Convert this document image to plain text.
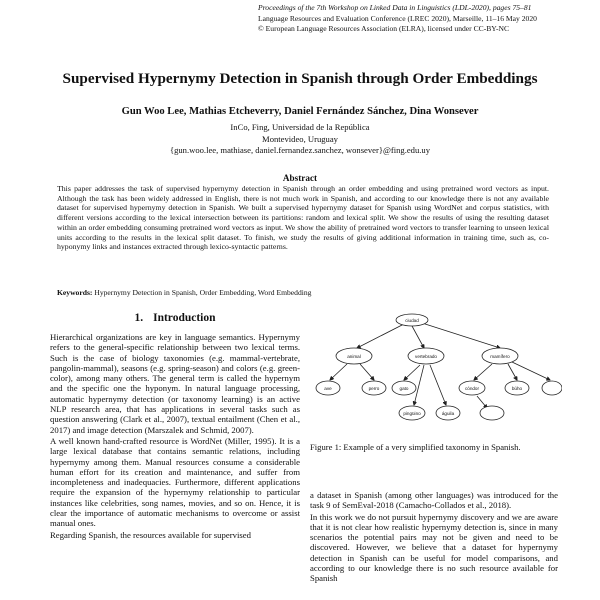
Proceedings of the 7th Workshop on Linked Data in Linguistics (LDL-2020), pages 75–81
Language Resources and Evaluation Conference (LREC 2020), Marseille, 11–16 May 2020
© European Language Resources Association (ELRA), licensed under CC-BY-NC
Supervised Hypernymy Detection in Spanish through Order Embeddings
Gun Woo Lee, Mathias Etcheverry, Daniel Fernández Sánchez, Dina Wonsever
InCo, Fing, Universidad de la República
Montevideo, Uruguay
{gun.woo.lee, mathiase, daniel.fernandez.sanchez, wonsever}@fing.edu.uy
Abstract
This paper addresses the task of supervised hypernymy detection in Spanish through an order embedding and using pretrained word vectors as input. Although the task has been widely addressed in English, there is not much work in Spanish, and according to our knowledge there is not any available dataset for supervised hypernymy detection in Spanish. We built a supervised hypernymy dataset for Spanish using WordNet and corpus statistics, with different versions according to the lexical intersection between its partitions: random and lexical split. We show the results of using the resulting dataset within an order embedding consuming pretrained word vectors as input. We show the ability of pretrained word vectors to transfer learning to unseen lexical units according to the results in the lexical split dataset. To finish, we study the results of giving additional information in training time, such as, co-hyponymy links and instances extracted through lexico-syntactic patterns.
Keywords: Hypernymy Detection in Spanish, Order Embedding, Word Embedding
1. Introduction

Hierarchical organizations are key in language semantics. Hypernymy refers to the general-specific relationship between two lexical terms. Such is the case of biology taxonomies (e.g. mammal-vertebrate, pangolin-mammal), seasons (e.g. spring-season) and colors (e.g. green-color), among many others. The general term is called the hypernym and the specific one the hyponym. In natural language processing, automatic hypernymy detection (or taxonomy learning) is an active NLP research area, that has applications in several tasks such as question answering (Clark et al., 2007), textual entailment (Chen et al., 2017) and image detection (Marszalek and Schmid, 2007).

A well known hand-crafted resource is WordNet (Miller, 1995). It is a large lexical database that contains semantic relations, including hypernymy among them. Manual resources consume a considerable human effort for its creation and maintenance, and suffer from incompleteness and inadequacies. Furthermore, different applications require the expansion of the hypernymy relationship to particular instances like celebrities, song names, movies, and so on. Hence, it is clear the importance of automatic mechanisms to overcome or assist manual ones.

Regarding Spanish, the resources available for supervised

ciudad
animal	vertebrado	mamífero
ave	perro	gato
pingüino	águila
cóndor	búho
Figure 1: Example of a very simplified taxonomy in Spanish.

a dataset in Spanish (among other languages) was introduced for the task 9 of SemEval-2018 (Camacho-Collados et al., 2018).

In this work we do not pursuit hypernymy discovery and we are aware that it is not clear how realistic hypernymy detection is, since in many scenarios the potential pairs may not be given and need to be discovered. However, we believe that a dataset for hypernymy detection in Spanish can be useful for model comparisons, and according to our knowledge there is no such resource available for Spanish
